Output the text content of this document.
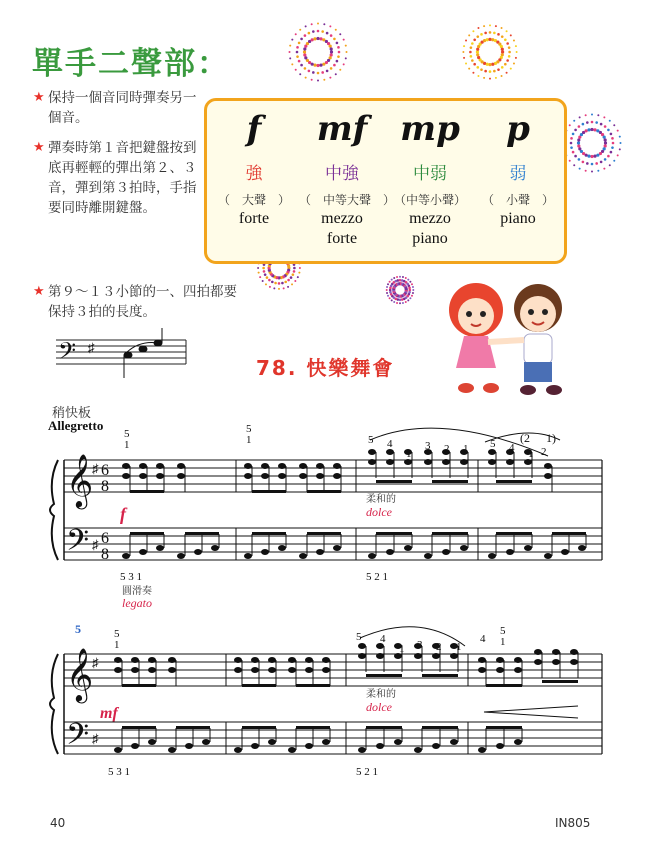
單手二聲部：
★ 保持一個音同時彈奏另一個音。
★ 彈奏時第１音把鍵盤按到底再輕輕的彈出第２、３音，彈到第３拍時，手指要同時離開鍵盤。
★ 第９～１３小節的一、四拍都要保持３拍的長度。
f
強
（　大聲　）
forte
mf
中強
（　中等大聲　）
mezzo
forte
mp
中弱
（中等小聲）
mezzo
piano
p
弱
（　小聲　）
piano
𝄢 ♯
78. 快樂舞會
稍快板
Allegretto
𝄞
𝄢
♯
♯
𝄞
𝄢
♯
♯
6
8
6
8
f
mf
柔和的
dolce
柔和的
dolce
圓滑奏
legato
5
5 1
5 1	5 4
1
3 2 1 5 4 1
(2 1)
2
5 3 1	5 2 1
5 1
5 4
1 3 2 1
4
5 1
5 3 1	5 2 1
40	IN805
